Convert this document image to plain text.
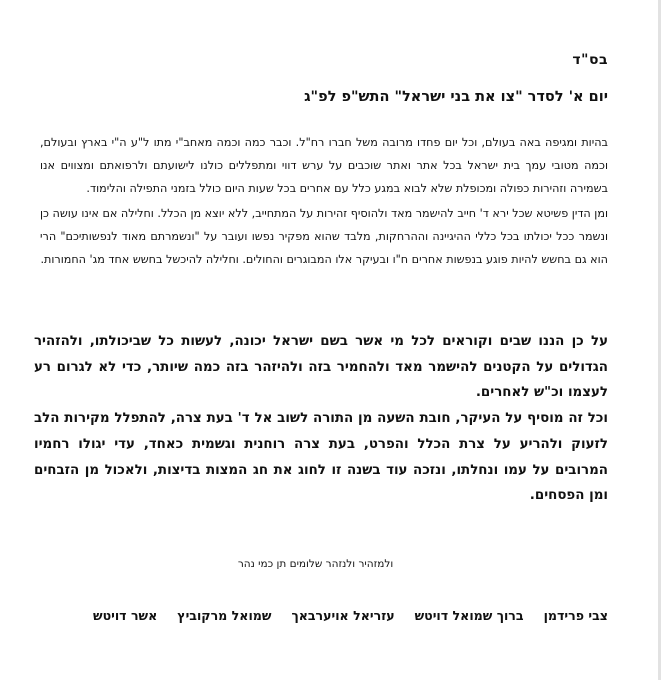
בס"ד
יום א' לסדר "צו את בני ישראל" התש"פ לפ"ג

בהיות ומגיפה באה בעולם, וכל יום פחדו מרובה משל חברו רח"ל. וכבר כמה וכמה מאחב"י מתו ל"ע ה"י בארץ ובעולם, וכמה מטובי עמך בית ישראל בכל אתר ואתר שוכבים על ערש דווי ומתפללים כולנו לישועתם ולרפואתם ומצווים אנו בשמירה וזהירות כפולה ומכופלת שלא לבוא במגע כלל עם אחרים בכל שעות היום כולל בזמני התפילה והלימוד.

ומן הדין פשיטא שכל ירא ד' חייב להישמר מאד ולהוסיף זהירות על המתחייב, ללא יוצא מן הכלל. וחלילה אם אינו עושה כן ונשמר ככל יכולתו בכל כללי ההיגיינה וההרחקות, מלבד שהוא מפקיר נפשו ועובר על "ונשמרתם מאוד לנפשותיכם" הרי הוא גם בחשש להיות פוגע בנפשות אחרים ח"ו ובעיקר אלו המבוגרים והחולים. וחלילה להיכשל בחשש אחד מג' החמורות.

על כן הננו שבים וקוראים לכל מי אשר בשם ישראל יכונה, לעשות כל שביכולתו, ולהזהיר הגדולים על הקטנים להישמר מאד ולהחמיר בזה ולהיזהר בזה כמה שיותר, כדי לא לגרום רע לעצמו וכ"ש לאחרים.

וכל זה מוסיף על העיקר, חובת השעה מן התורה לשוב אל ד' בעת צרה, להתפלל מקירות הלב לזעוק ולהריע על צרת הכלל והפרט, בעת צרה רוחנית וגשמית כאחד, עדי יגולו רחמיו המרובים על עמו ונחלתו, ונזכה עוד בשנה זו לחוג את חג המצות בדיצות, ולאכול מן הזבחים ומן הפסחים.

ולמזהיר ולנזהר שלומים תן כמי נהר
צבי פרידמן
ברוך שמואל דויטש
עזריאל אויערבאך
שמואל מרקוביץ
אשר דויטש
